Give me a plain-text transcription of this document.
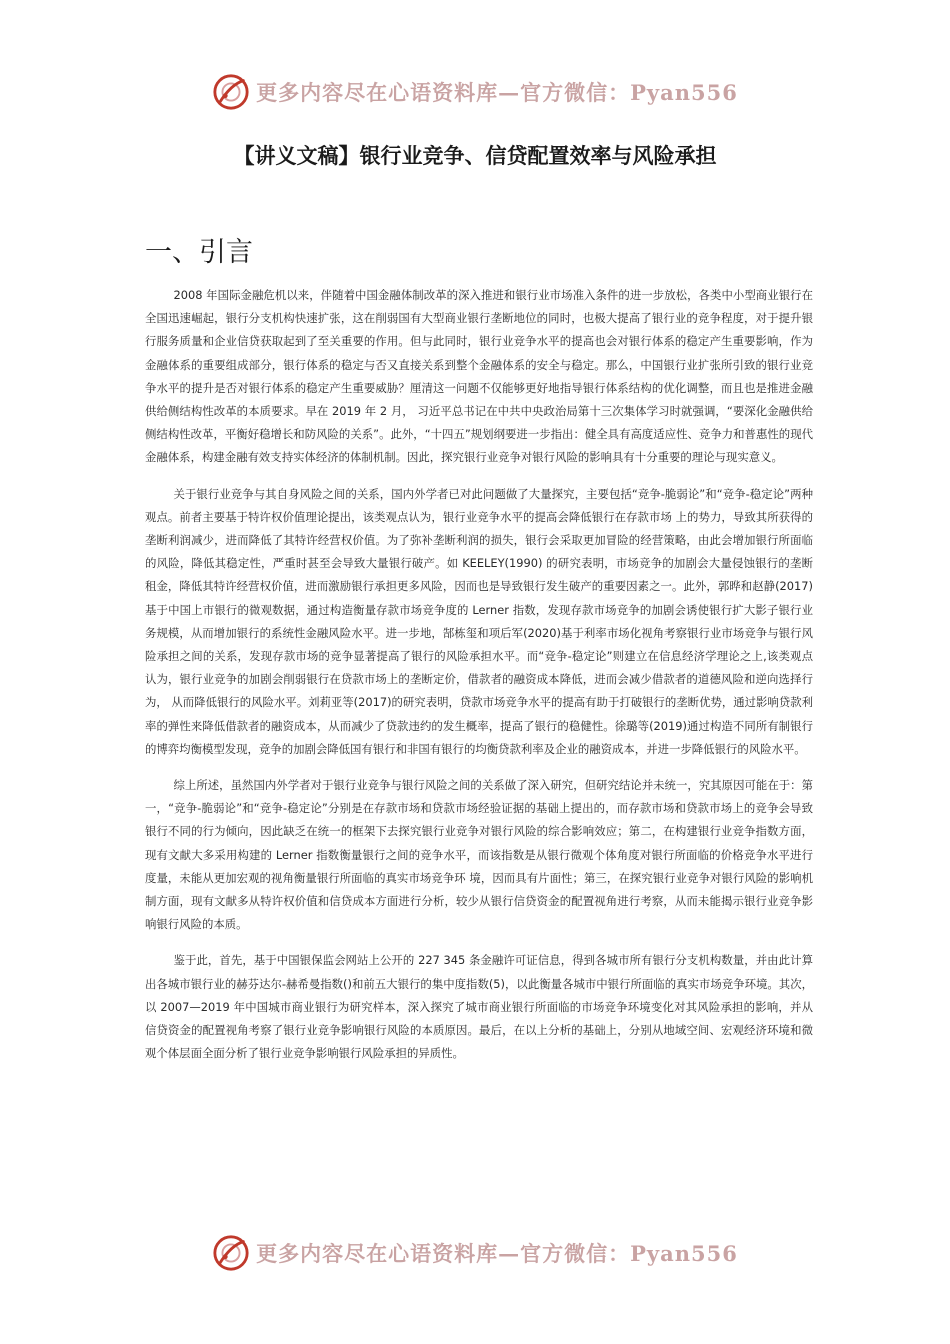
更多内容尽在心语资料库—官方微信：Pyan556
【讲义文稿】银行业竞争、信贷配置效率与风险承担
一、引言

2008 年国际金融危机以来，伴随着中国金融体制改革的深入推进和银行业市场准入条件的进一步放松，各类中小型商业银行在全国迅速崛起，银行分支机构快速扩张，这在削弱国有大型商业银行垄断地位的同时，也极大提高了银行业的竞争程度，对于提升银行服务质量和企业信贷获取起到了至关重要的作用。但与此同时，银行业竞争水平的提高也会对银行体系的稳定产生重要影响，作为金融体系的重要组成部分，银行体系的稳定与否又直接关系到整个金融体系的安全与稳定。那么，中国银行业扩张所引致的银行业竞争水平的提升是否对银行体系的稳定产生重要威胁？厘清这一问题不仅能够更好地指导银行体系结构的优化调整，而且也是推进金融供给侧结构性改革的本质要求。早在 2019 年 2 月， 习近平总书记在中共中央政治局第十三次集体学习时就强调，“要深化金融供给侧结构性改革，平衡好稳增长和防风险的关系”。此外，“十四五”规划纲要进一步指出：健全具有高度适应性、竞争力和普惠性的现代金融体系，构建金融有效支持实体经济的体制机制。因此，探究银行业竞争对银行风险的影响具有十分重要的理论与现实意义。

关于银行业竞争与其自身风险之间的关系，国内外学者已对此问题做了大量探究，主要包括“竞争-脆弱论”和“竞争-稳定论”两种观点。前者主要基于特许权价值理论提出，该类观点认为，银行业竞争水平的提高会降低银行在存款市场 上的势力，导致其所获得的垄断利润减少，进而降低了其特许经营权价值。为了弥补垄断利润的损失，银行会采取更加冒险的经营策略，由此会增加银行所面临的风险，降低其稳定性，严重时甚至会导致大量银行破产。如 KEELEY(1990) 的研究表明，市场竞争的加剧会大量侵蚀银行的垄断租金，降低其特许经营权价值，进而激励银行承担更多风险，因而也是导致银行发生破产的重要因素之一。此外，郭晔和赵静(2017)基于中国上市银行的微观数据，通过构造衡量存款市场竞争度的 Lerner 指数，发现存款市场竞争的加剧会诱使银行扩大影子银行业务规模，从而增加银行的系统性金融风险水平。进一步地，郜栋玺和项后军(2020)基于利率市场化视角考察银行业市场竞争与银行风险承担之间的关系，发现存款市场的竞争显著提高了银行的风险承担水平。而“竞争-稳定论”则建立在信息经济学理论之上,该类观点认为，银行业竞争的加剧会削弱银行在贷款市场上的垄断定价，借款者的融资成本降低，进而会减少借款者的道德风险和逆向选择行为， 从而降低银行的风险水平。刘莉亚等(2017)的研究表明，贷款市场竞争水平的提高有助于打破银行的垄断优势，通过影响贷款利率的弹性来降低借款者的融资成本，从而减少了贷款违约的发生概率，提高了银行的稳健性。徐璐等(2019)通过构造不同所有制银行的博弈均衡模型发现，竞争的加剧会降低国有银行和非国有银行的均衡贷款利率及企业的融资成本，并进一步降低银行的风险水平。

综上所述，虽然国内外学者对于银行业竞争与银行风险之间的关系做了深入研究，但研究结论并未统一，究其原因可能在于：第一，“竞争-脆弱论”和“竞争-稳定论”分别是在存款市场和贷款市场经验证据的基础上提出的，而存款市场和贷款市场上的竞争会导致银行不同的行为倾向，因此缺乏在统一的框架下去探究银行业竞争对银行风险的综合影响效应；第二，在构建银行业竞争指数方面，现有文献大多采用构建的 Lerner 指数衡量银行之间的竞争水平，而该指数是从银行微观个体角度对银行所面临的价格竞争水平进行度量，未能从更加宏观的视角衡量银行所面临的真实市场竞争环 境，因而具有片面性；第三，在探究银行业竞争对银行风险的影响机制方面，现有文献多从特许权价值和信贷成本方面进行分析，较少从银行信贷资金的配置视角进行考察，从而未能揭示银行业竞争影响银行风险的本质。

鉴于此，首先，基于中国银保监会网站上公开的 227 345 条金融许可证信息，得到各城市所有银行分支机构数量，并由此计算出各城市银行业的赫芬达尔-赫希曼指数()和前五大银行的集中度指数(5)，以此衡量各城市中银行所面临的真实市场竞争环境。其次，以 2007—2019 年中国城市商业银行为研究样本，深入探究了城市商业银行所面临的市场竞争环境变化对其风险承担的影响，并从信贷资金的配置视角考察了银行业竞争影响银行风险的本质原因。最后，在以上分析的基础上，分别从地域空间、宏观经济环境和微观个体层面全面分析了银行业竞争影响银行风险承担的异质性。

更多内容尽在心语资料库—官方微信：Pyan556
